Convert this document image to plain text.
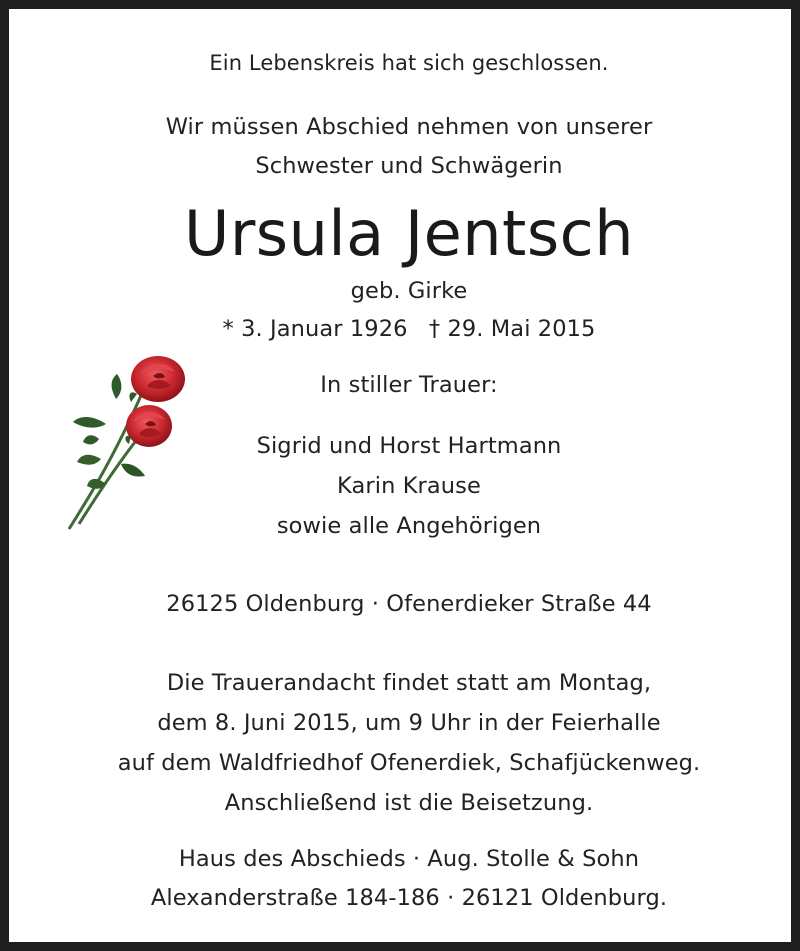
Ein Lebenskreis hat sich geschlossen.
Wir müssen Abschied nehmen von unserer
Schwester und Schwägerin
Ursula Jentsch
geb. Girke
* 3. Januar 1926 † 29. Mai 2015
In stiller Trauer:
Sigrid und Horst Hartmann
Karin Krause
sowie alle Angehörigen
26125 Oldenburg · Ofenerdieker Straße 44
Die Trauerandacht findet statt am Montag,
dem 8. Juni 2015, um 9 Uhr in der Feierhalle
auf dem Waldfriedhof Ofenerdiek, Schafjückenweg.
Anschließend ist die Beisetzung.
Haus des Abschieds · Aug. Stolle & Sohn
Alexanderstraße 184-186 · 26121 Oldenburg.
